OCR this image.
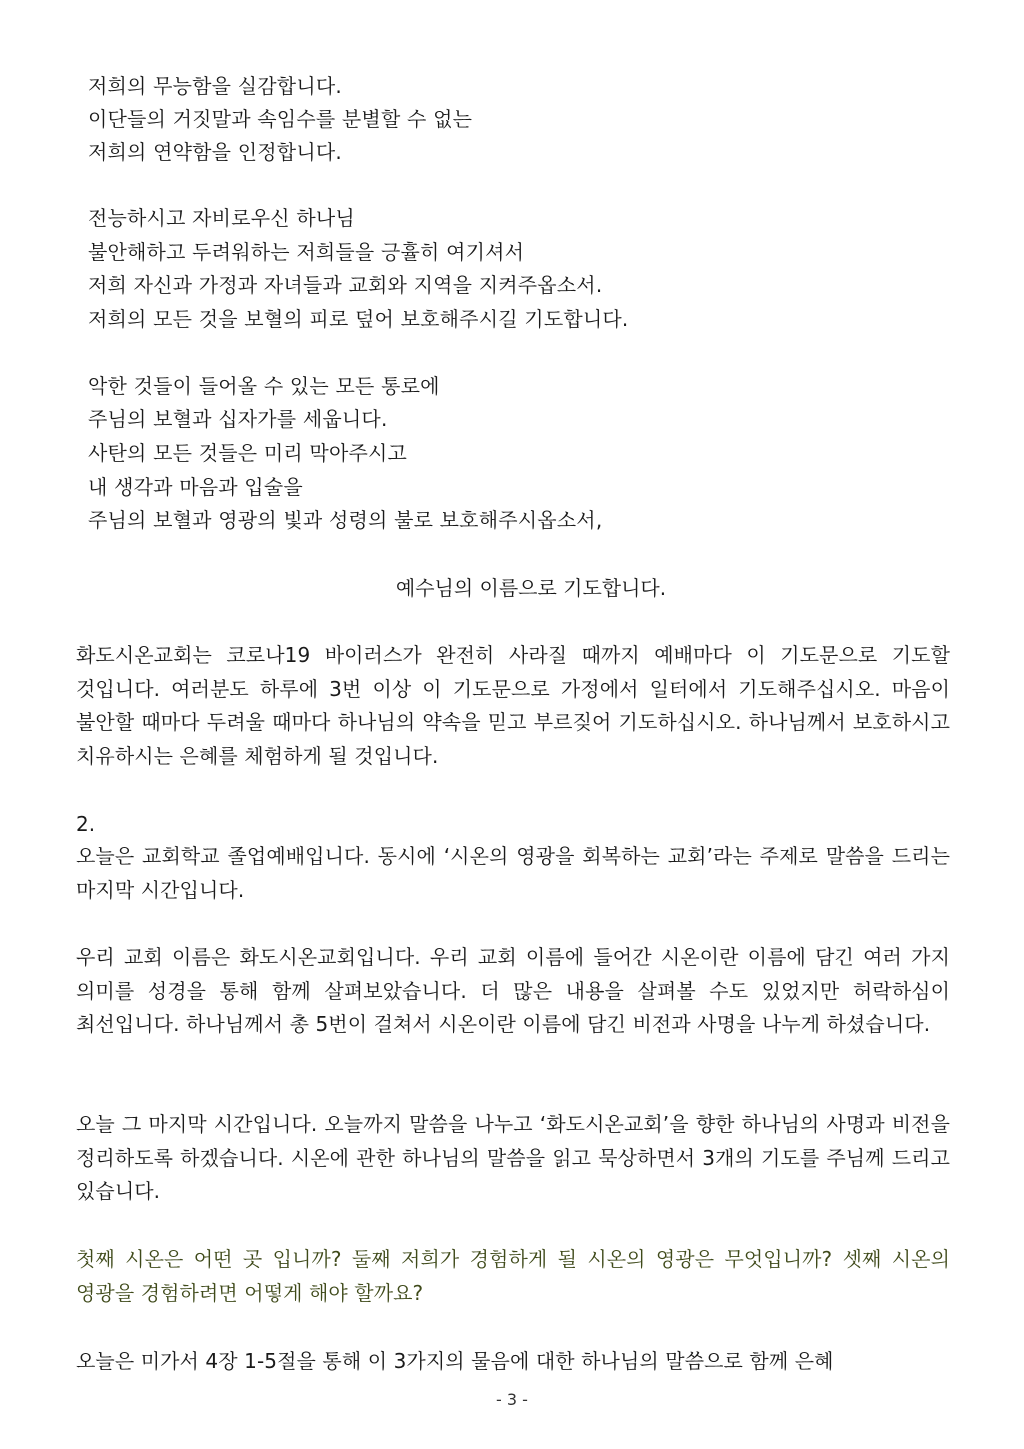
저희의 무능함을 실감합니다.
이단들의 거짓말과 속임수를 분별할 수 없는
저희의 연약함을 인정합니다.
전능하시고 자비로우신 하나님
불안해하고 두려워하는 저희들을 긍휼히 여기셔서
저희 자신과 가정과 자녀들과 교회와 지역을 지켜주옵소서.
저희의 모든 것을 보혈의 피로 덮어 보호해주시길 기도합니다.
악한 것들이 들어올 수 있는 모든 통로에
주님의 보혈과 십자가를 세웁니다.
사탄의 모든 것들은 미리 막아주시고
내 생각과 마음과 입술을
주님의 보혈과 영광의 빛과 성령의 불로 보호해주시옵소서,
예수님의 이름으로 기도합니다.
화도시온교회는 코로나19 바이러스가 완전히 사라질 때까지 예배마다 이 기도문으로 기도할 것입니다. 여러분도 하루에 3번 이상 이 기도문으로 가정에서 일터에서 기도해주십시오. 마음이 불안할 때마다 두려울 때마다 하나님의 약속을 믿고 부르짖어 기도하십시오. 하나님께서 보호하시고 치유하시는 은혜를 체험하게 될 것입니다.
2.
오늘은 교회학교 졸업예배입니다. 동시에 ‘시온의 영광을 회복하는 교회’라는 주제로 말씀을 드리는 마지막 시간입니다.
우리 교회 이름은 화도시온교회입니다. 우리 교회 이름에 들어간 시온이란 이름에 담긴 여러 가지 의미를 성경을 통해 함께 살펴보았습니다. 더 많은 내용을 살펴볼 수도 있었지만 허락하심이 최선입니다. 하나님께서 총 5번이 걸쳐서 시온이란 이름에 담긴 비전과 사명을 나누게 하셨습니다.
오늘 그 마지막 시간입니다. 오늘까지 말씀을 나누고 ‘화도시온교회’을 향한 하나님의 사명과 비전을 정리하도록 하겠습니다. 시온에 관한 하나님의 말씀을 읽고 묵상하면서 3개의 기도를 주님께 드리고 있습니다.
첫째 시온은 어떤 곳 입니까? 둘째 저희가 경험하게 될 시온의 영광은 무엇입니까? 셋째 시온의 영광을 경험하려면 어떻게 해야 할까요?
오늘은 미가서 4장 1-5절을 통해 이 3가지의 물음에 대한 하나님의 말씀으로 함께 은혜
- 3 -
